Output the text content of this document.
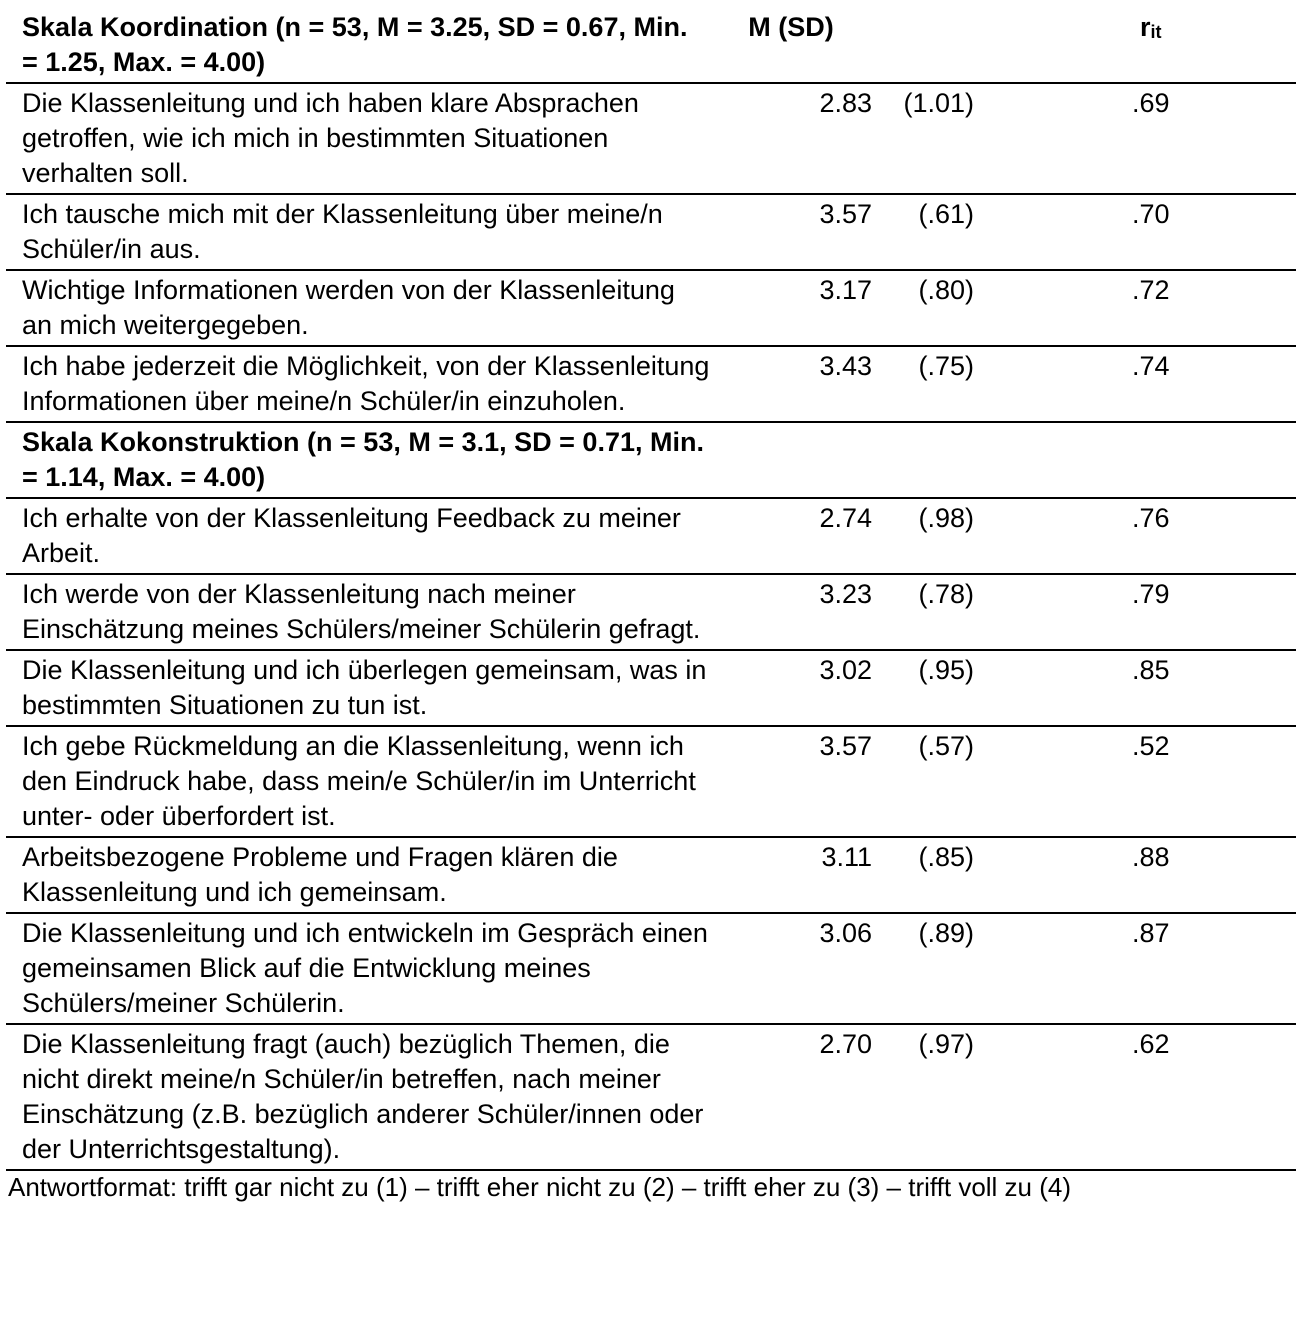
Skala Koordination (n = 53, M = 3.25, SD = 0.67, Min. = 1.25, Max. = 4.00)	M (SD)	$r_{it}$
Die Klassenleitung und ich haben klare Absprachen getroffen, wie ich mich in bestimmten Situationen verhalten soll.	2.83 (1.01)	.69
Ich tausche mich mit der Klassenleitung über meine/n Schüler/in aus.	3.57 (.61)	.70
Wichtige Informationen werden von der Klassenleitung an mich weitergegeben.	3.17 (.80)	.72
Ich habe jederzeit die Möglichkeit, von der Klassenleitung Informationen über meine/n Schüler/in einzuholen.	3.43 (.75)	.74
Skala Kokonstruktion (n = 53, M = 3.1, SD = 0.71, Min. = 1.14, Max. = 4.00)		
Ich erhalte von der Klassenleitung Feedback zu meiner Arbeit.	2.74 (.98)	.76
Ich werde von der Klassenleitung nach meiner Einschätzung meines Schülers/meiner Schülerin gefragt.	3.23 (.78)	.79
Die Klassenleitung und ich überlegen gemeinsam, was in bestimmten Situationen zu tun ist.	3.02 (.95)	.85
Ich gebe Rückmeldung an die Klassenleitung, wenn ich den Eindruck habe, dass mein/e Schüler/in im Unterricht unter- oder überfordert ist.	3.57 (.57)	.52
Arbeitsbezogene Probleme und Fragen klären die Klassenleitung und ich gemeinsam.	3.11 (.85)	.88
Die Klassenleitung und ich entwickeln im Gespräch einen gemeinsamen Blick auf die Entwicklung meines Schülers/meiner Schülerin.	3.06 (.89)	.87
Die Klassenleitung fragt (auch) bezüglich Themen, die nicht direkt meine/n Schüler/in betreffen, nach meiner Einschätzung (z.B. bezüglich anderer Schüler/innen oder der Unterrichtsgestaltung).	2.70 (.97)	.62
Antwortformat: trifft gar nicht zu (1) – trifft eher nicht zu (2) – trifft eher zu (3) – trifft voll zu (4)
